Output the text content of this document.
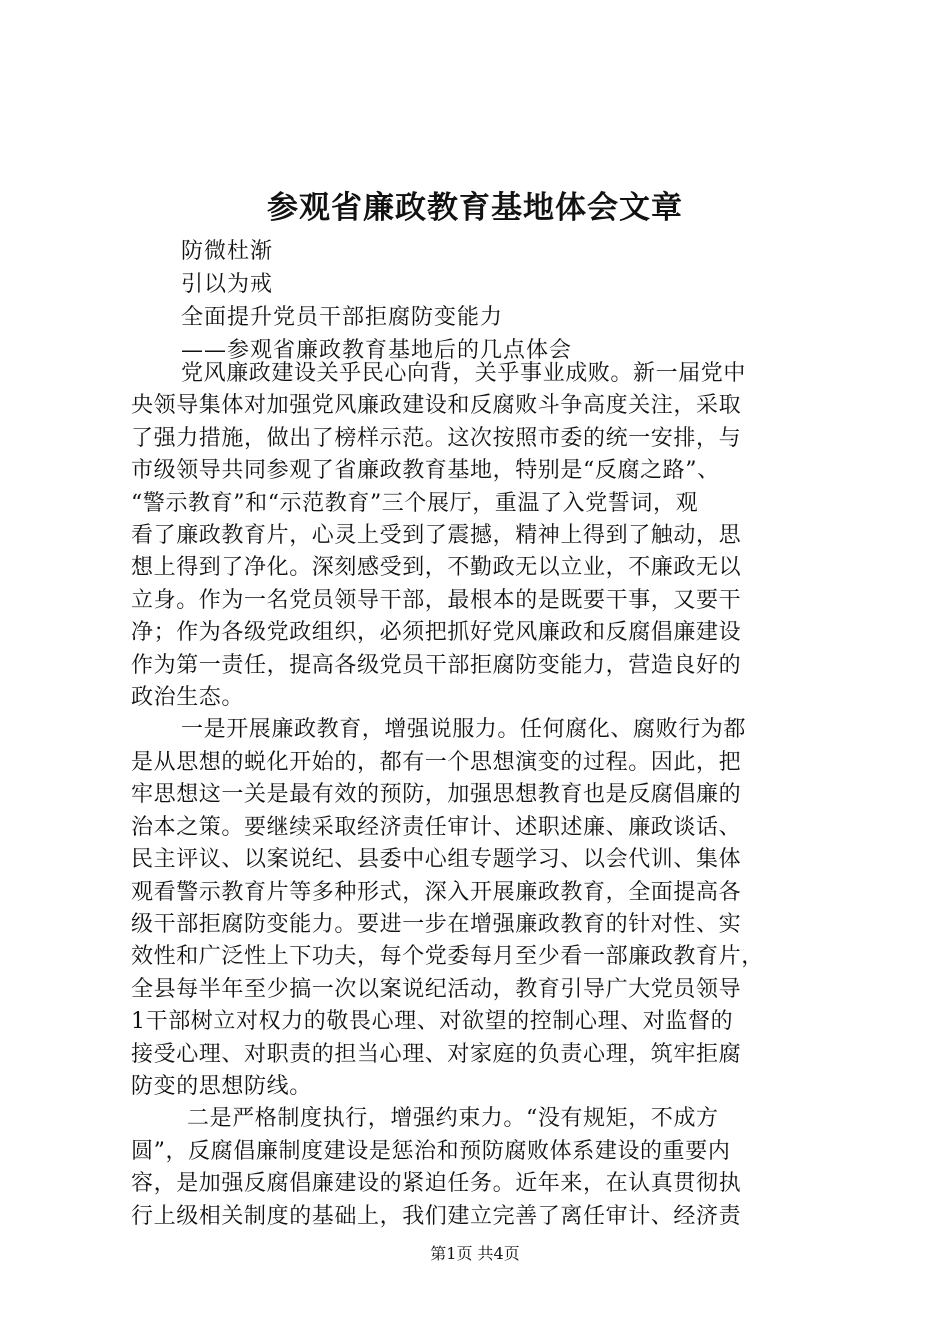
参观省廉政教育基地体会文章
防微杜渐
引以为戒
全面提升党员干部拒腐防变能力
——参观省廉政教育基地后的几点体会

党风廉政建设关乎民心向背，关乎事业成败。新一届党中
央领导集体对加强党风廉政建设和反腐败斗争高度关注，采取
了强力措施，做出了榜样示范。这次按照市委的统一安排，与
市级领导共同参观了省廉政教育基地，特别是“反腐之路”、
“警示教育”和“示范教育”三个展厅，重温了入党誓词，观
看了廉政教育片，心灵上受到了震撼，精神上得到了触动，思
想上得到了净化。深刻感受到，不勤政无以立业，不廉政无以
立身。作为一名党员领导干部，最根本的是既要干事，又要干
净；作为各级党政组织，必须把抓好党风廉政和反腐倡廉建设
作为第一责任，提高各级党员干部拒腐防变能力，营造良好的
政治生态。

一是开展廉政教育，增强说服力。任何腐化、腐败行为都
是从思想的蜕化开始的，都有一个思想演变的过程。因此，把
牢思想这一关是最有效的预防，加强思想教育也是反腐倡廉的
治本之策。要继续采取经济责任审计、述职述廉、廉政谈话、
民主评议、以案说纪、县委中心组专题学习、以会代训、集体
观看警示教育片等多种形式，深入开展廉政教育，全面提高各
级干部拒腐防变能力。要进一步在增强廉政教育的针对性、实
效性和广泛性上下功夫，每个党委每月至少看一部廉政教育片，
全县每半年至少搞一次以案说纪活动，教育引导广大党员领导
1干部树立对权力的敬畏心理、对欲望的控制心理、对监督的
接受心理、对职责的担当心理、对家庭的负责心理，筑牢拒腐
防变的思想防线。

二是严格制度执行，增强约束力。“没有规矩，不成方
圆”，反腐倡廉制度建设是惩治和预防腐败体系建设的重要内
容，是加强反腐倡廉建设的紧迫任务。近年来，在认真贯彻执
行上级相关制度的基础上，我们建立完善了离任审计、经济责

第1页 共4页
